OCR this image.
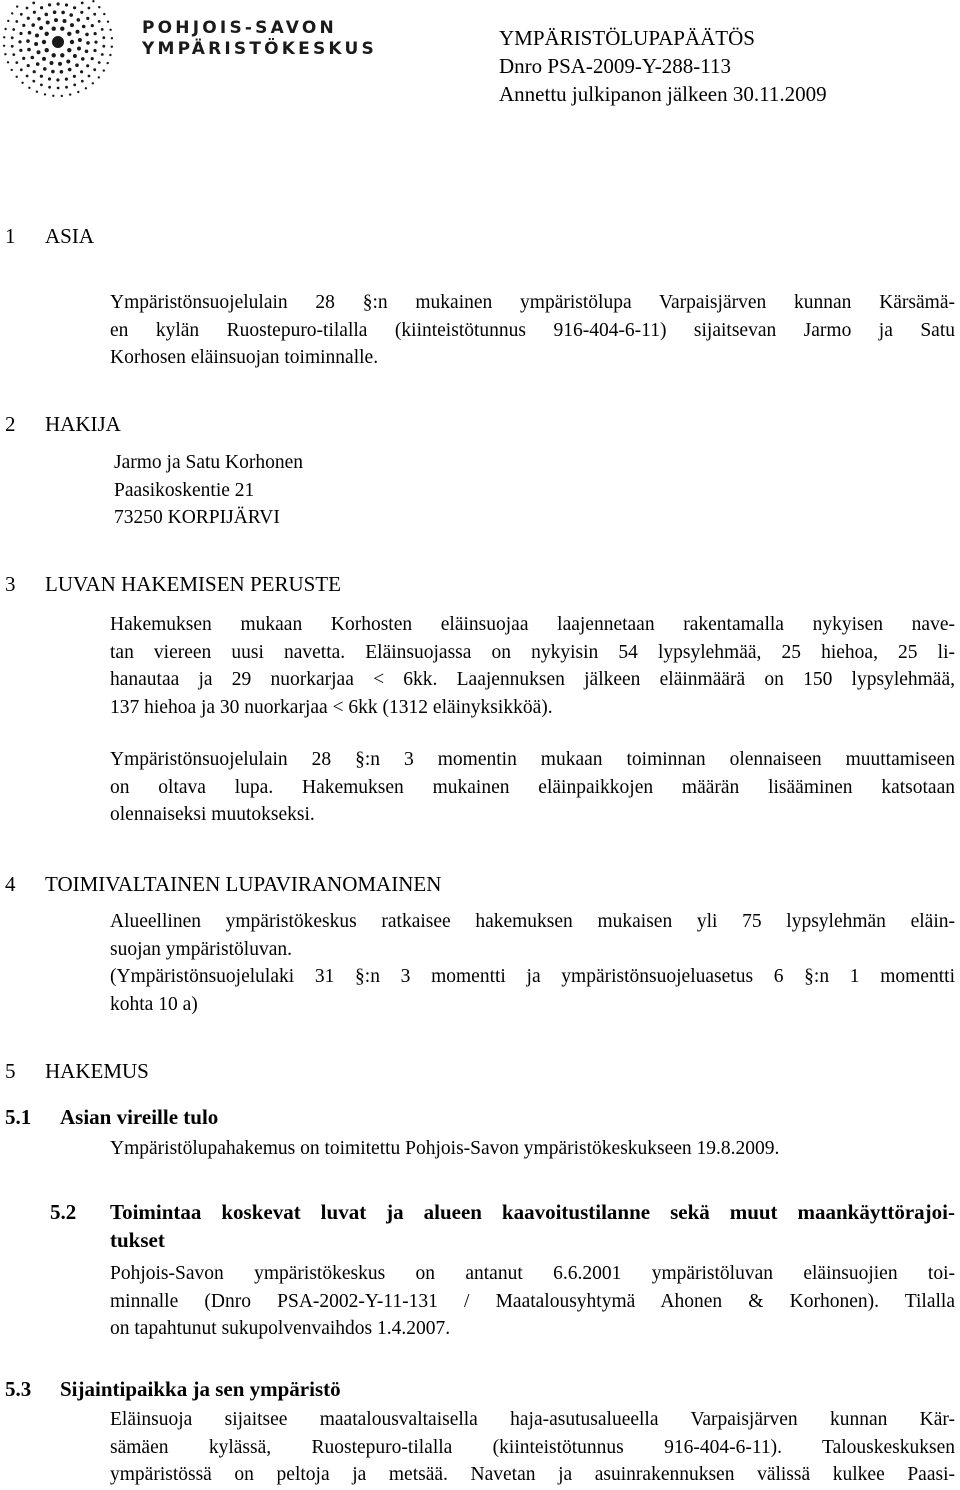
POHJOIS-SAVON
YMPÄRISTÖKESKUS	YMPÄRISTÖLUPAPÄÄTÖS
Dnro PSA-2009-Y-288-113
Annettu julkipanon jälkeen 30.11.2009
1 ASIA
Ympäristönsuojelulain 28 §:n mukainen ympäristölupa Varpaisjärven kunnan Kärsämä-
en kylän Ruostepuro-tilalla (kiinteistötunnus 916-404-6-11) sijaitsevan Jarmo ja Satu
Korhosen eläinsuojan toiminnalle.
2 HAKIJA
Jarmo ja Satu Korhonen
Paasikoskentie 21
73250 KORPIJÄRVI
3 LUVAN HAKEMISEN PERUSTE
Hakemuksen mukaan Korhosten eläinsuojaa laajennetaan rakentamalla nykyisen nave-
tan viereen uusi navetta. Eläinsuojassa on nykyisin 54 lypsylehmää, 25 hiehoa, 25 li-
hanautaa ja 29 nuorkarjaa < 6kk. Laajennuksen jälkeen eläinmäärä on 150 lypsylehmää,
137 hiehoa ja 30 nuorkarjaa < 6kk (1312 eläinyksikköä).
Ympäristönsuojelulain 28 §:n 3 momentin mukaan toiminnan olennaiseen muuttamiseen
on oltava lupa. Hakemuksen mukainen eläinpaikkojen määrän lisääminen katsotaan
olennaiseksi muutokseksi.
4 TOIMIVALTAINEN LUPAVIRANOMAINEN
Alueellinen ympäristökeskus ratkaisee hakemuksen mukaisen yli 75 lypsylehmän eläin-
suojan ympäristöluvan.
(Ympäristönsuojelulaki 31 §:n 3 momentti ja ympäristönsuojeluasetus 6 §:n 1 momentti
kohta 10 a)
5 HAKEMUS
5.1 Asian vireille tulo
Ympäristölupahakemus on toimitettu Pohjois-Savon ympäristökeskukseen 19.8.2009.
5.2 Toimintaa koskevat luvat ja alueen kaavoitustilanne sekä muut maankäyttörajoi-
tukset
Pohjois-Savon ympäristökeskus on antanut 6.6.2001 ympäristöluvan eläinsuojien toi-
minnalle (Dnro PSA-2002-Y-11-131 / Maatalousyhtymä Ahonen & Korhonen). Tilalla
on tapahtunut sukupolvenvaihdos 1.4.2007.
5.3 Sijaintipaikka ja sen ympäristö
Eläinsuoja sijaitsee maatalousvaltaisella haja-asutusalueella Varpaisjärven kunnan Kär-
sämäen kylässä, Ruostepuro-tilalla (kiinteistötunnus 916-404-6-11). Talouskeskuksen
ympäristössä on peltoja ja metsää. Navetan ja asuinrakennuksen välissä kulkee Paasi-
